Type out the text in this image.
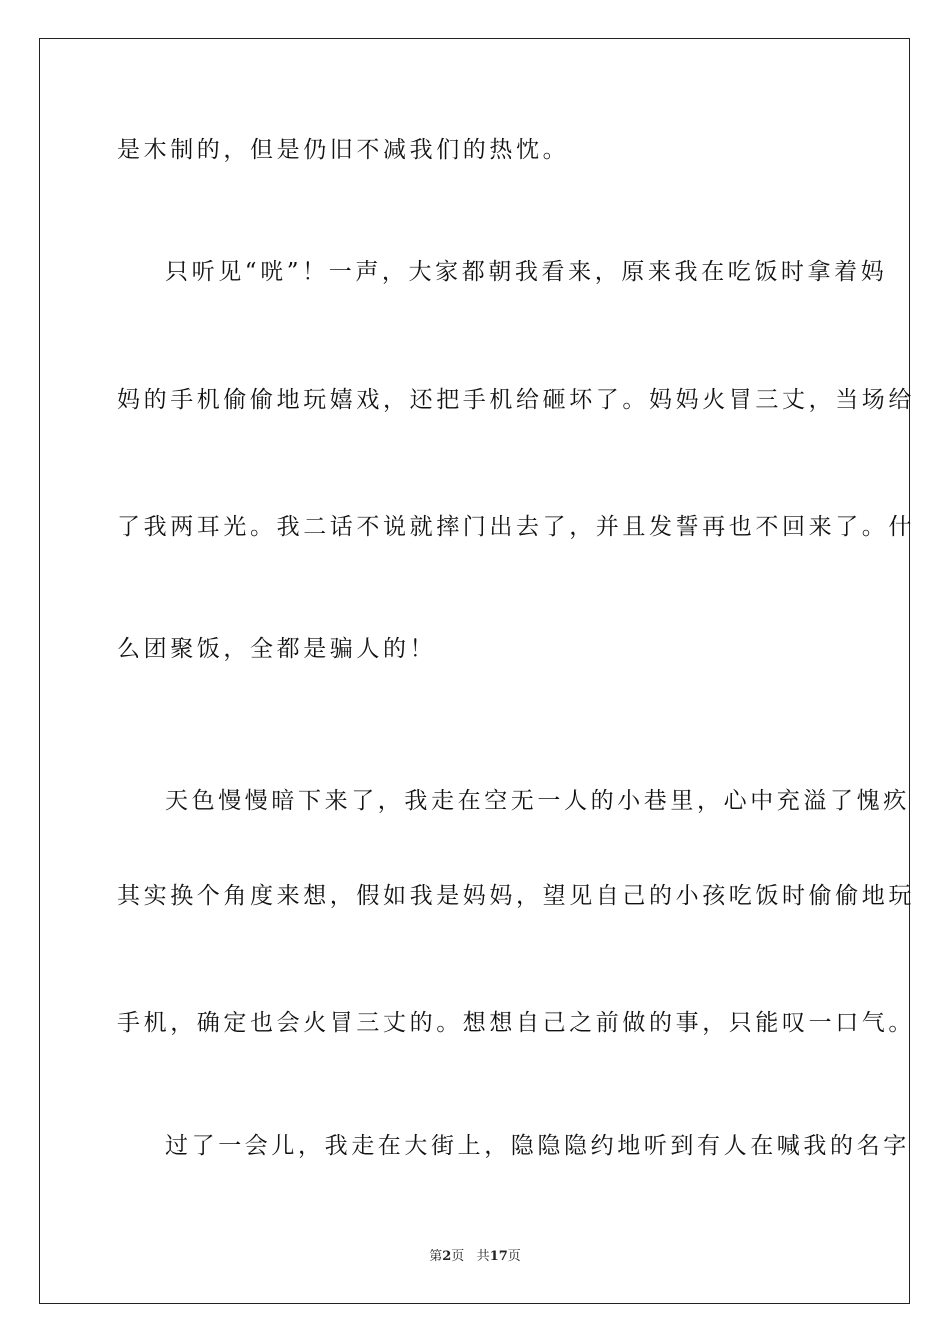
是木制的，但是仍旧不减我们的热忱。
只听见“咣”！一声，大家都朝我看来，原来我在吃饭时拿着妈
妈的手机偷偷地玩嬉戏，还把手机给砸坏了。妈妈火冒三丈，当场给
了我两耳光。我二话不说就摔门出去了，并且发誓再也不回来了。什
么团聚饭，全都是骗人的！
天色慢慢暗下来了，我走在空无一人的小巷里，心中充溢了愧疚
其实换个角度来想，假如我是妈妈，望见自己的小孩吃饭时偷偷地玩
手机，确定也会火冒三丈的。想想自己之前做的事，只能叹一口气。
过了一会儿，我走在大街上，隐隐隐约地听到有人在喊我的名字
第2页 共17页
